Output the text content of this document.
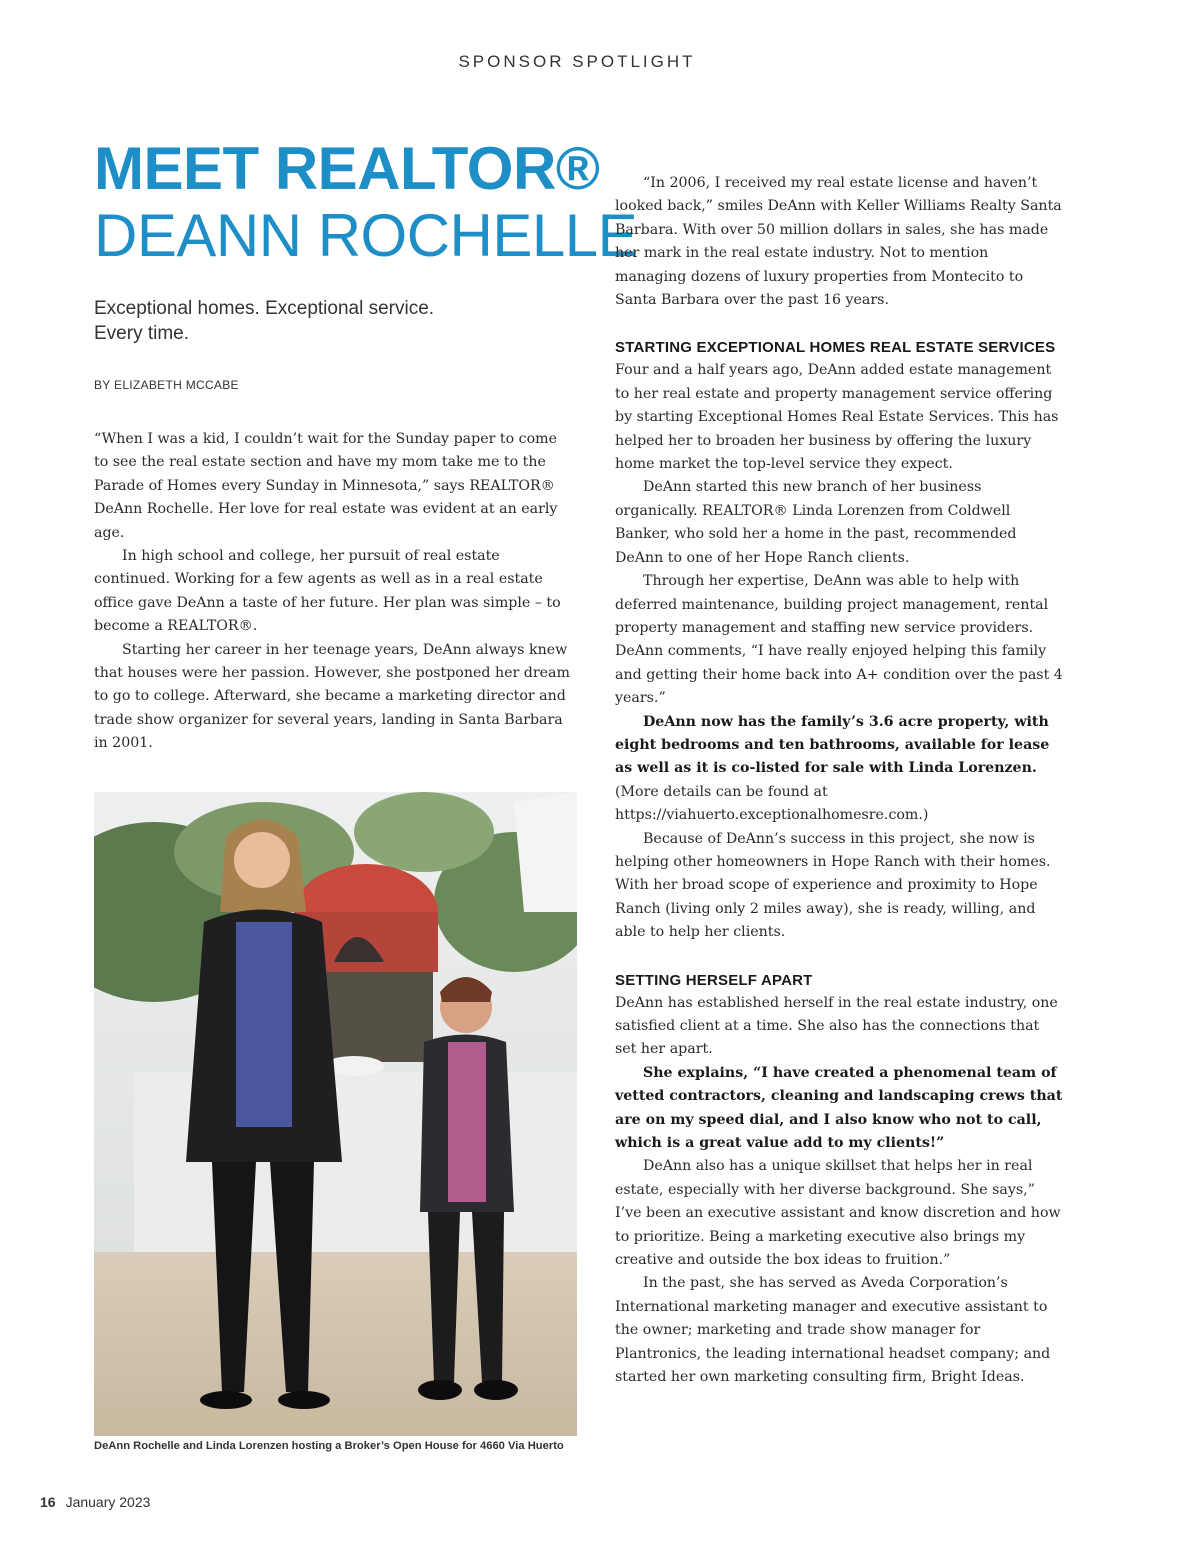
SPONSOR SPOTLIGHT
MEET REALTOR®
DEANN ROCHELLE
Exceptional homes. Exceptional service.
Every time.
BY ELIZABETH MCCABE

“When I was a kid, I couldn’t wait for the Sunday paper to come to see the real estate section and have my mom take me to the Parade of Homes every Sunday in Minnesota,” says REALTOR® DeAnn Rochelle. Her love for real estate was evident at an early age.

In high school and college, her pursuit of real estate continued. Working for a few agents as well as in a real estate office gave DeAnn a taste of her future. Her plan was simple – to become a REALTOR®.

Starting her career in her teenage years, DeAnn always knew that houses were her passion. However, she postponed her dream to go to college. Afterward, she became a marketing director and trade show organizer for several years, landing in Santa Barbara in 2001.

DeAnn Rochelle and Linda Lorenzen hosting a Broker’s Open House for 4660 Via Huerto

“In 2006, I received my real estate license and haven’t looked back,” smiles DeAnn with Keller Williams Realty Santa Barbara. With over 50 million dollars in sales, she has made her mark in the real estate industry. Not to mention managing dozens of luxury properties from Montecito to Santa Barbara over the past 16 years.

STARTING EXCEPTIONAL HOMES REAL ESTATE SERVICES

Four and a half years ago, DeAnn added estate management to her real estate and property management service offering by starting Exceptional Homes Real Estate Services. This has helped her to broaden her business by offering the luxury home market the top-level service they expect.

DeAnn started this new branch of her business organically. REALTOR® Linda Lorenzen from Coldwell Banker, who sold her a home in the past, recommended DeAnn to one of her Hope Ranch clients.

Through her expertise, DeAnn was able to help with deferred maintenance, building project management, rental property management and staffing new service providers. DeAnn comments, “I have really enjoyed helping this family and getting their home back into A+ condition over the past 4 years.”

DeAnn now has the family’s 3.6 acre property, with eight bedrooms and ten bathrooms, available for lease as well as it is co-listed for sale with Linda Lorenzen. (More details can be found at https://viahuerto.exceptionalhomesre.com.)

Because of DeAnn’s success in this project, she now is helping other homeowners in Hope Ranch with their homes. With her broad scope of experience and proximity to Hope Ranch (living only 2 miles away), she is ready, willing, and able to help her clients.

SETTING HERSELF APART

DeAnn has established herself in the real estate industry, one satisfied client at a time. She also has the connections that set her apart.

She explains, “I have created a phenomenal team of vetted contractors, cleaning and landscaping crews that are on my speed dial, and I also know who not to call, which is a great value add to my clients!”

DeAnn also has a unique skillset that helps her in real estate, especially with her diverse background. She says,” I’ve been an executive assistant and know discretion and how to prioritize. Being a marketing executive also brings my creative and outside the box ideas to fruition.”

In the past, she has served as Aveda Corporation’s International marketing manager and executive assistant to the owner; marketing and trade show manager for Plantronics, the leading international headset company; and started her own marketing consulting firm, Bright Ideas.

16 January 2023
